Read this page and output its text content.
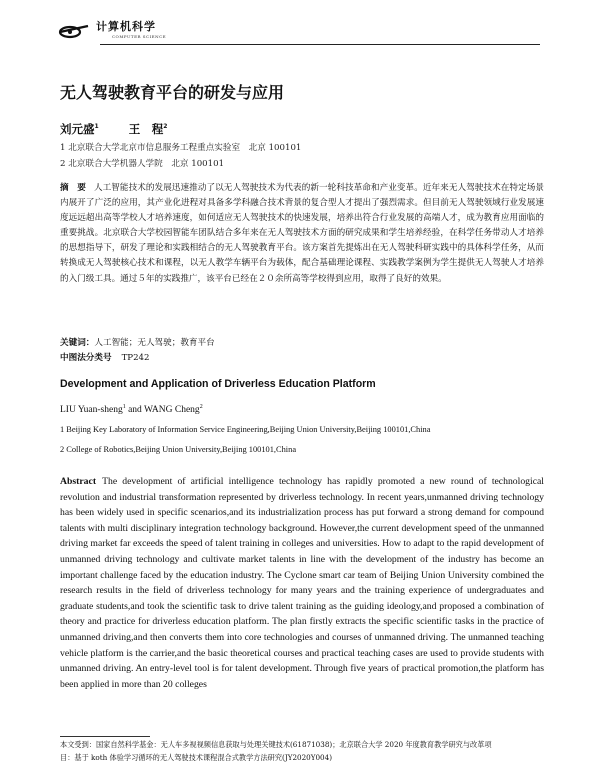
计算机科学
COMPUTER SCIENCE
无人驾驶教育平台的研发与应用
刘元盛$^1$	王　程$^2$
1 北京联合大学北京市信息服务工程重点实验室　北京 100101
2 北京联合大学机器人学院　北京 100101
摘　要 人工智能技术的发展迅速推动了以无人驾驶技术为代表的新一轮科技革命和产业变革。近年来无人驾驶技术在特定场景内展开了广泛的应用，其产业化进程对具备多学科融合技术背景的复合型人才提出了强烈需求。但目前无人驾驶领域行业发展速度远远超出高等学校人才培养速度，如何适应无人驾驶技术的快速发展，培养出符合行业发展的高端人才，成为教育应用面临的重要挑战。北京联合大学校园智能车团队结合多年来在无人驾驶技术方面的研究成果和学生培养经验，在科学任务带动人才培养的思想指导下，研发了理论和实践相结合的无人驾驶教育平台。该方案首先提炼出在无人驾驶科研实践中的具体科学任务，从而转换成无人驾驶核心技术和课程，以无人教学车辆平台为载体，配合基础理论课程、实践教学案例为学生提供无人驾驶人才培养的入门级工具。通过５年的实践推广，该平台已经在２０余所高等学校得到应用，取得了良好的效果。
关键词：人工智能；无人驾驶；教育平台
中图法分类号 TP242
Development and Application of Driverless Education Platform
LIU Yuan-sheng$^1$ and WANG Cheng$^2$
1 Beijing Key Laboratory of Information Service Engineering,Beijing Union University,Beijing 100101,China
2 College of Robotics,Beijing Union University,Beijing 100101,China
Abstract The development of artificial intelligence technology has rapidly promoted a new round of technological revolution and industrial transformation represented by driverless technology. In recent years,unmanned driving technology has been widely used in specific scenarios,and its industrialization process has put forward a strong demand for compound talents with multi disciplinary integration technology background. However,the current development speed of the unmanned driving market far exceeds the speed of talent training in colleges and universities. How to adapt to the rapid development of unmanned driving technology and cultivate market talents in line with the development of the industry has become an important challenge faced by the education industry. The Cyclone smart car team of Beijing Union University combined the research results in the field of driverless technology for many years and the training experience of undergraduates and graduate students,and took the scientific task to drive talent training as the guiding ideology,and proposed a combination of theory and practice for driverless education platform. The plan firstly extracts the specific scientific tasks in the practice of unmanned driving,and then converts them into core technologies and courses of unmanned driving. The unmanned teaching vehicle platform is the carrier,and the basic theoretical courses and practical teaching cases are used to provide students with unmanned driving. An entry-level tool is for talent development. Through five years of practical promotion,the platform has been applied in more than 20 colleges
本文受到：国家自然科学基金：无人车多视视频信息获取与处理关键技术(61871038)；北京联合大学 2020 年度教育教学研究与改革项
目：基于 koth 体验学习循环的无人驾驶技术课程混合式教学方法研究(JY2020Y004)
